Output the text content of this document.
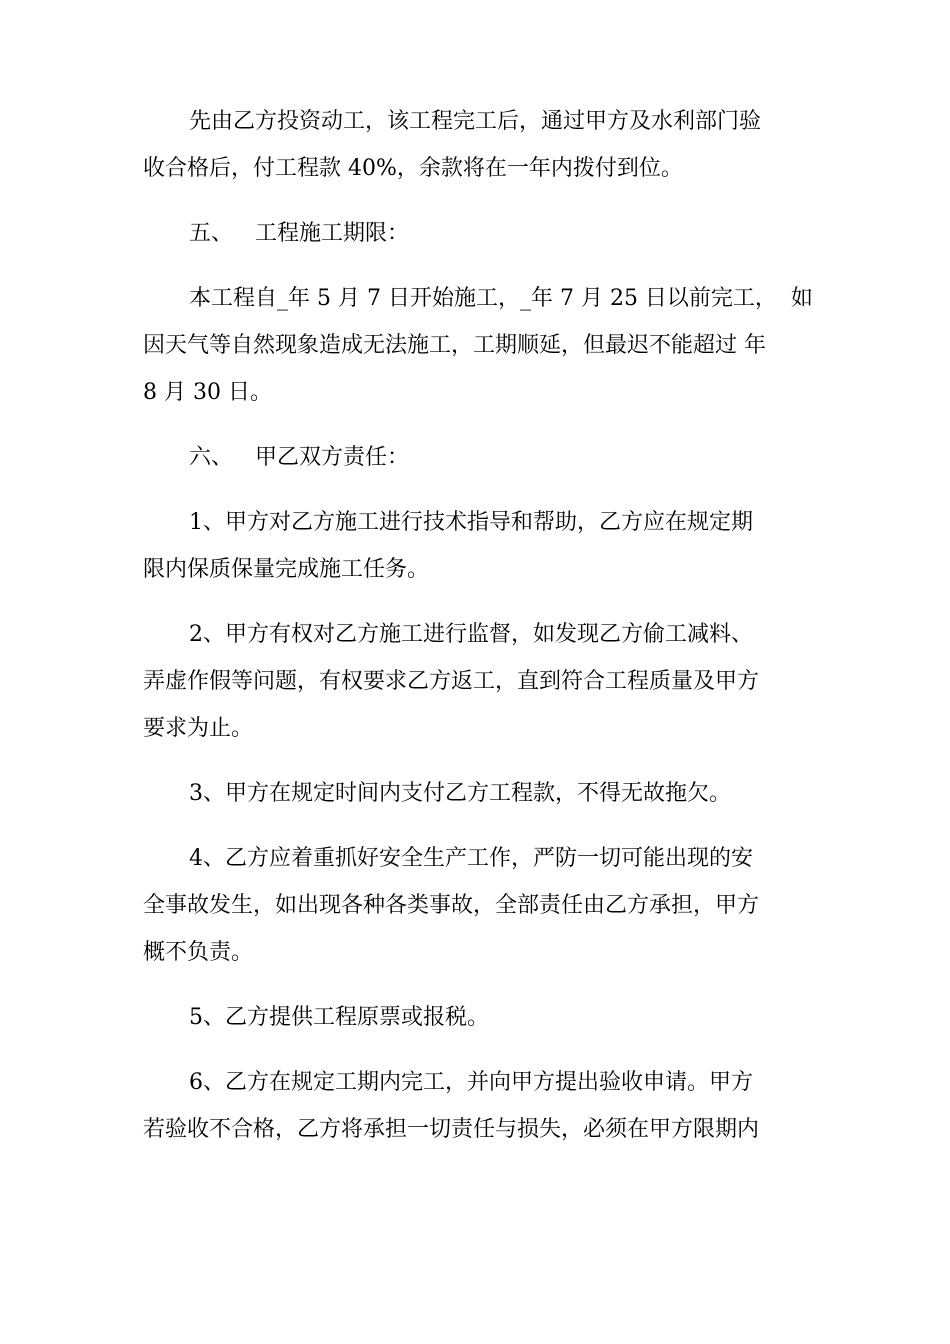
先由乙方投资动工，该工程完工后，通过甲方及水利部门验
收合格后，付工程款 40%，余款将在一年内拨付到位。
五、 工程施工期限：
本工程自_年 5 月 7 日开始施工，_年 7 月 25 日以前完工，  如
因天气等自然现象造成无法施工，工期顺延，但最迟不能超过 年
8 月 30 日。
六、 甲乙双方责任：
1、甲方对乙方施工进行技术指导和帮助，乙方应在规定期
限内保质保量完成施工任务。
2、甲方有权对乙方施工进行监督，如发现乙方偷工减料、
弄虚作假等问题，有权要求乙方返工，直到符合工程质量及甲方
要求为止。
3、甲方在规定时间内支付乙方工程款，不得无故拖欠。
4、乙方应着重抓好安全生产工作，严防一切可能出现的安
全事故发生，如出现各种各类事故，全部责任由乙方承担，甲方
概不负责。
5、乙方提供工程原票或报税。
6、乙方在规定工期内完工，并向甲方提出验收申请。甲方
若验收不合格，乙方将承担一切责任与损失，必须在甲方限期内
